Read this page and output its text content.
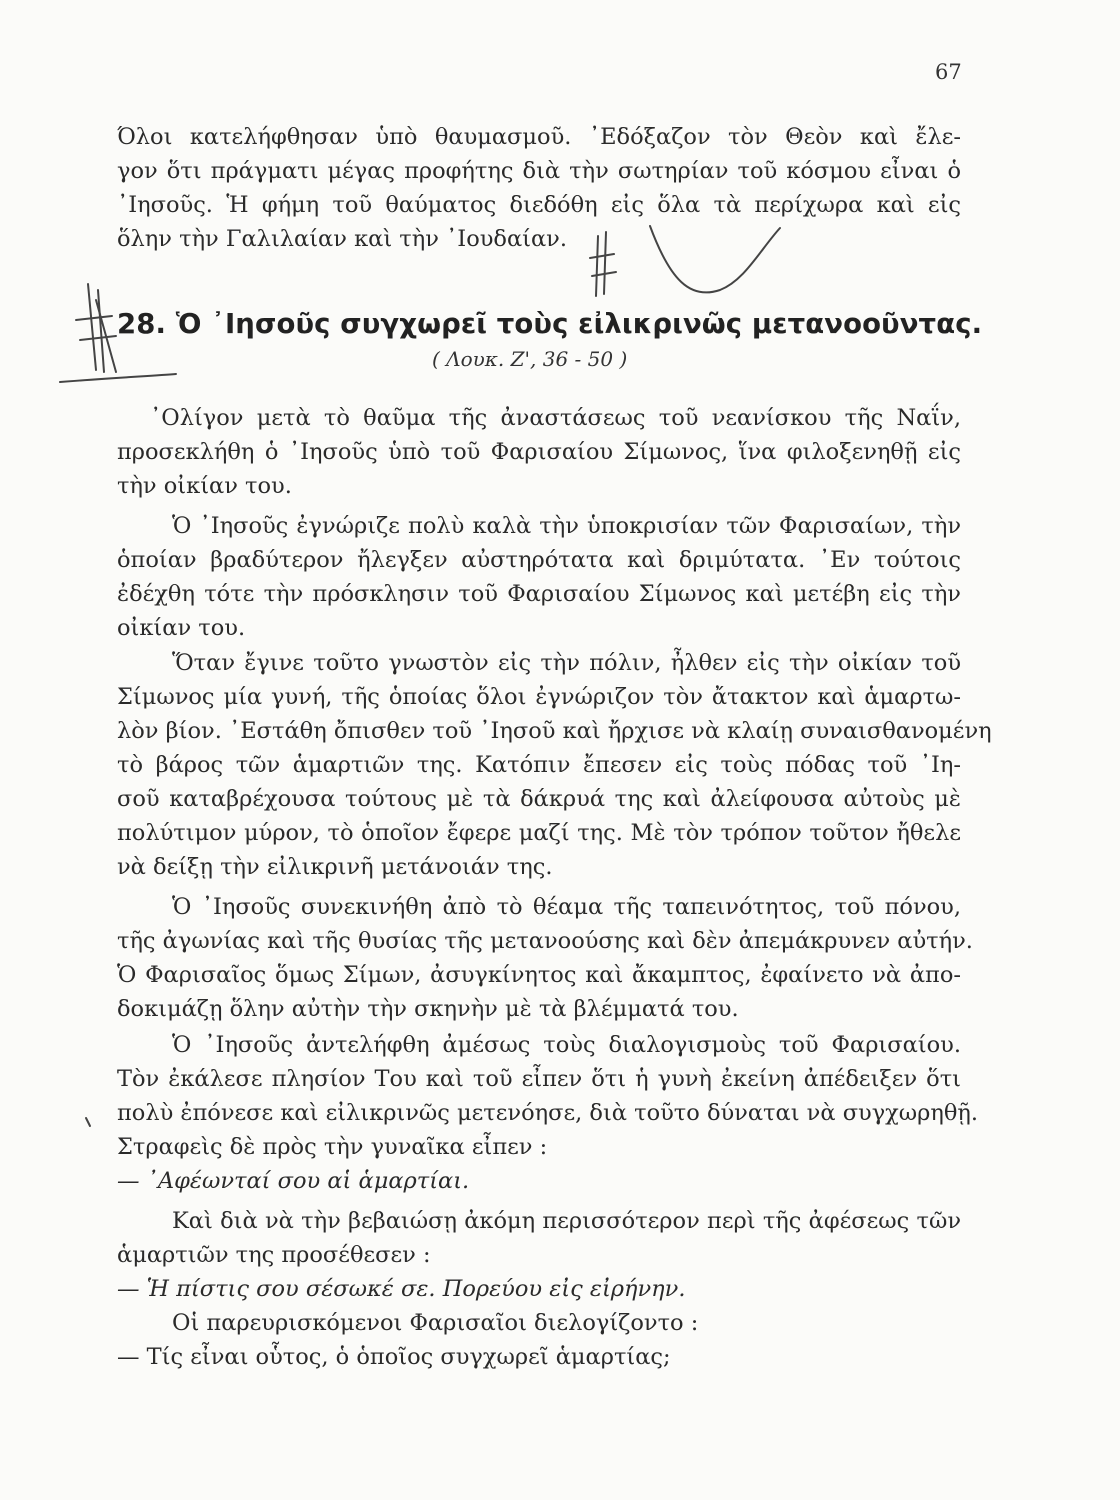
67
Όλοι κατελήφθησαν ὑπὸ θαυμασμοῦ. ᾿Εδόξαζον τὸν Θεὸν καὶ ἔλε-
γον ὅτι πράγματι μέγας προφήτης διὰ τὴν σωτηρίαν τοῦ κόσμου εἶναι ὁ
᾿Ιησοῦς. Ἡ φήμη τοῦ θαύματος διεδόθη εἰς ὅλα τὰ περίχωρα καὶ εἰς
ὅλην τὴν Γαλιλαίαν καὶ τὴν ᾿Ιουδαίαν.
28. Ὁ ᾿Ιησοῦς συγχωρεῖ τοὺς εἰλικρινῶς μετανοοῦντας.
( Λουκ. Ζ', 36 - 50 )
᾿Ολίγον μετὰ τὸ θαῦμα τῆς ἀναστάσεως τοῦ νεανίσκου τῆς Ναΐν,
προσεκλήθη ὁ ᾿Ιησοῦς ὑπὸ τοῦ Φαρισαίου Σίμωνος, ἵνα φιλοξενηθῇ εἰς
τὴν οἰκίαν του.
Ὁ ᾿Ιησοῦς ἐγνώριζε πολὺ καλὰ τὴν ὑποκρισίαν τῶν Φαρισαίων, τὴν
ὁποίαν βραδύτερον ἤλεγξεν αὐστηρότατα καὶ δριμύτατα. ᾿Εν τούτοις
ἐδέχθη τότε τὴν πρόσκλησιν τοῦ Φαρισαίου Σίμωνος καὶ μετέβη εἰς τὴν
οἰκίαν του.
Ὅταν ἔγινε τοῦτο γνωστὸν εἰς τὴν πόλιν, ἦλθεν εἰς τὴν οἰκίαν τοῦ
Σίμωνος μία γυνή, τῆς ὁποίας ὅλοι ἐγνώριζον τὸν ἄτακτον καὶ ἁμαρτω-
λὸν βίον. ᾿Εστάθη ὄπισθεν τοῦ ᾿Ιησοῦ καὶ ἤρχισε νὰ κλαίῃ συναισθανομένη
τὸ βάρος τῶν ἁμαρτιῶν της. Κατόπιν ἔπεσεν εἰς τοὺς πόδας τοῦ ᾿Ιη-
σοῦ καταβρέχουσα τούτους μὲ τὰ δάκρυά της καὶ ἀλείφουσα αὐτοὺς μὲ
πολύτιμον μύρον, τὸ ὁποῖον ἔφερε μαζί της. Μὲ τὸν τρόπον τοῦτον ἤθελε
νὰ δείξῃ τὴν εἰλικρινῆ μετάνοιάν της.
Ὁ ᾿Ιησοῦς συνεκινήθη ἀπὸ τὸ θέαμα τῆς ταπεινότητος, τοῦ πόνου,
τῆς ἀγωνίας καὶ τῆς θυσίας τῆς μετανοούσης καὶ δὲν ἀπεμάκρυνεν αὐτήν.
Ὁ Φαρισαῖος ὅμως Σίμων, ἀσυγκίνητος καὶ ἄκαμπτος, ἐφαίνετο νὰ ἀπο-
δοκιμάζῃ ὅλην αὐτὴν τὴν σκηνὴν μὲ τὰ βλέμματά του.
Ὁ ᾿Ιησοῦς ἀντελήφθη ἀμέσως τοὺς διαλογισμοὺς τοῦ Φαρισαίου.
Τὸν ἐκάλεσε πλησίον Του καὶ τοῦ εἶπεν ὅτι ἡ γυνὴ ἐκείνη ἀπέδειξεν ὅτι
πολὺ ἐπόνεσε καὶ εἰλικρινῶς μετενόησε, διὰ τοῦτο δύναται νὰ συγχωρηθῇ.
Στραφεὶς δὲ πρὸς τὴν γυναῖκα εἶπεν :
— ᾿Αφέωνταί σου αἱ ἁμαρτίαι.
Καὶ διὰ νὰ τὴν βεβαιώσῃ ἀκόμη περισσότερον περὶ τῆς ἀφέσεως τῶν
ἁμαρτιῶν της προσέθεσεν :
— Ἡ πίστις σου σέσωκέ σε. Πορεύου εἰς εἰρήνην.
Οἱ παρευρισκόμενοι Φαρισαῖοι διελογίζοντο :
— Τίς εἶναι οὗτος, ὁ ὁποῖος συγχωρεῖ ἁμαρτίας;
